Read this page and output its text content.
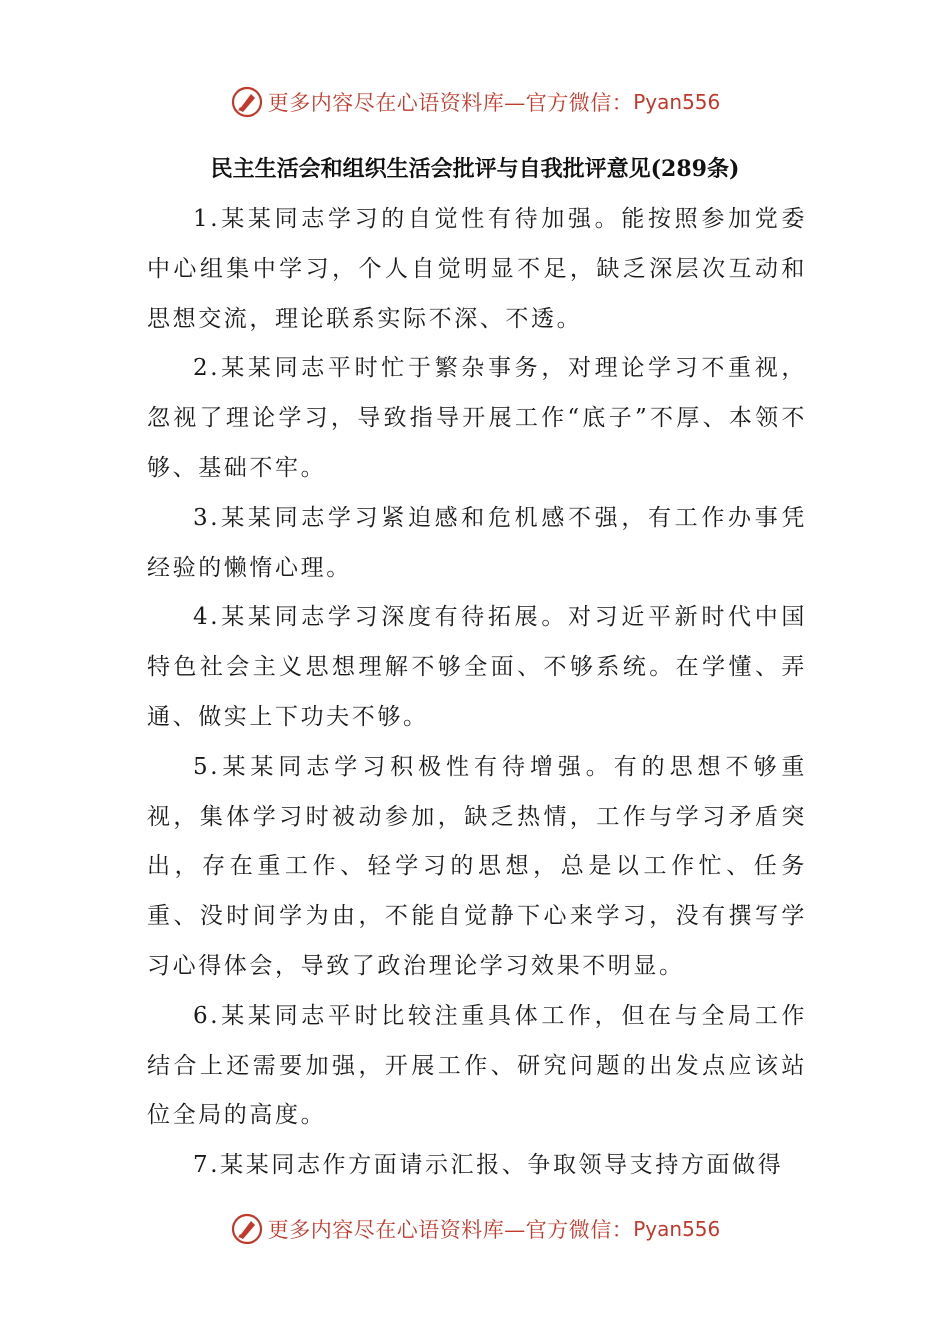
更多内容尽在心语资料库—官方微信： Pyan556
民主生活会和组织生活会批评与自我批评意见(289条)

1.某某同志学习的自觉性有待加强。能按照参加党委中心组集中学习，个人自觉明显不足，缺乏深层次互动和思想交流，理论联系实际不深、不透。

2.某某同志平时忙于繁杂事务，对理论学习不重视，忽视了理论学习，导致指导开展工作“底子”不厚、本领不够、基础不牢。

3.某某同志学习紧迫感和危机感不强，有工作办事凭经验的懒惰心理。

4.某某同志学习深度有待拓展。对习近平新时代中国特色社会主义思想理解不够全面、不够系统。在学懂、弄通、做实上下功夫不够。

5.某某同志学习积极性有待增强。有的思想不够重视，集体学习时被动参加，缺乏热情，工作与学习矛盾突出，存在重工作、轻学习的思想，总是以工作忙、任务重、没时间学为由，不能自觉静下心来学习，没有撰写学习心得体会，导致了政治理论学习效果不明显。

6.某某同志平时比较注重具体工作，但在与全局工作结合上还需要加强，开展工作、研究问题的出发点应该站位全局的高度。

7.某某同志作方面请示汇报、争取领导支持方面做得

更多内容尽在心语资料库—官方微信： Pyan556
